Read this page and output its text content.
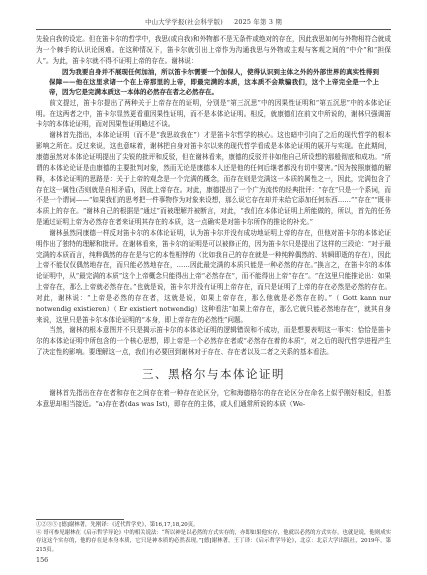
中山大学学报(社会科学版) 2025 年第 3 期

先验自我的设定。但在笛卡尔的哲学中，我思(或自我)和外物都不是无条件或绝对的存在，因此我思如何与外物相符合就成为一个棘手的认识论困难。在这种情况下，笛卡尔就引出上帝作为沟通我思与外物或主观与客观之间的“中介”和“担保人”。为此，笛卡尔就不得不证明上帝的存在。谢林说：

因为我要自身并不展现任何加油，所以笛卡尔需要一个加保人，使得认识到主体之外的外部世界的真实性得到保障——他在这里求诸一个在上帝那里的上帝，即最完满的本质，这本质不会欺骗我们，这个上帝完全是一个上帝，因为它是完满本质这一本体的必然存在者之必然存在。

前文提过，笛卡尔提出了两种关于上帝存在的证明，分别是“第三沉思”中的因果性证明和“第五沉思”中的本体论证明。在这两者之中，笛卡尔显然更看重因果性证明，而不是本体论证明。相反，就康德们在前文中所说的，谢林只强调笛卡尔的本体论证明，而对因果性证明略过不谈。

谢林首先指出，本体论证明（而不是“我思故我在”）才是笛卡尔哲学的核心。这也暗中引向了之后的现代哲学的根本影响之所在。反过来说，这也意味着，谢林把自身对笛卡尔以来的现代哲学看成是本体论证明的展开与实现。在此期间，康德虽然对本体论证明提出了尖锐的批评和反驳，但在谢林看来，康德的反驳并非如他自己所设想的那般彻底和成功。“所谓的本体论论证是由康德的主要批判对象，然而无论是康德本人还是他的任何后继者都没有切中要害。”因为按照康德的解释，本体论证明的思路是：关于上帝的观念是一个完满的概念，而存在则是完满这一本质的属性之一，因此，完满包含了存在这一属性(否则就是自相矛盾)，因此上帝存在。对此，康德提出了一个广为流传的经典批评：“存在”只是一个系词，而不是一个谓词——“如果我们的思考把一件事物作为对象来设想，那么说它存在却并未给它添加任何东西……”“存在”“既非本质上的存在。“谢林自己的根据是“通过”而被理解并被断言，对此，“我们在本体论证明上所能做的，所以，首先的任务是通过证明上帝为必然存在者来证明其存在的本质，这一点确实是对笛卡尔所作的推论的补充。”

谢林虽然同康德一样反对笛卡尔的本体论证明，认为笛卡尔并没有成功地证明上帝的存在，但他对笛卡尔的本体论证明作出了独特的理解和批评。在谢林看来，笛卡尔的证明是可以被修正的，因为笛卡尔只是提出了这样的三段论：“对于最完满的本质而言，纯粹偶然的存在是与它的本性相悖的（比如我自己的存在就是一种纯粹偶然的、转瞬即逝的存在），因此上帝不能仅仅偶然地存在，而只能必然地存在，……因此最完满的本质只能是一种必然的存在。”换言之，在笛卡尔的本体论证明中，从“最完满的本质”这个上帝概念只能得出上帝“必然存在”，而不能得出上帝“存在”。“在这里只能推论出：如果上帝存在，那么上帝就必然存在。”也就是说，笛卡尔并没有证明上帝存在，而只是证明了上帝的存在必然是必然的存在。对此，谢林说：“上帝是必然的存在者，这就是说，如果上帝存在，那么他就是必然存在的。”（ Gott kann nur notwendig existieren）（ Er existiert notwendig）这种看法“如果上帝存在，那么它就只能必然地存在”，就其自身来说，这里只是笛卡尔本体论证明的“本身，即上帝存在的必然性”问题。

当然，谢林的根本意图并不只是揭示笛卡尔的本体论证明的逻辑错误和不成功，而是想要表明这一事实：恰恰是笛卡尔的本体论证明中所包含的一个核心思想，即上帝是一个必然存在者或“必然存在着的本质”，对之后的现代哲学进程产生了决定性的影响。要理解这一点，我们有必要回到谢林对于存在、存在者以及二者之关系的基本看法。

三、黑格尔与本体论证明

谢林首先指出在存在者和存在之间存在着一种存在论区分，它和海德格尔的存在论区分在命名上似乎刚好相反，但基本意思却相当接近。“a)存在者(das was Ist)，即存在的主体，或人们通常所说的本质（We-

①②③⑤ [德]谢林著，先刚译：《近代哲学史》，第16,17,18,20页。

④ 哥可参见谢林在《启示哲学导论》中的相关说法：“所以神是以必然的方式实存的，亦即如果他实存，他就以必然的方式实存。也就是说，他则成实存这这个实存的，他的存在是本身本质，它只是神本质的必然表现。”[德]谢林著，王丁译：《启示哲学导论》，北京：北京大学出版社，2019年，第215页。

156
